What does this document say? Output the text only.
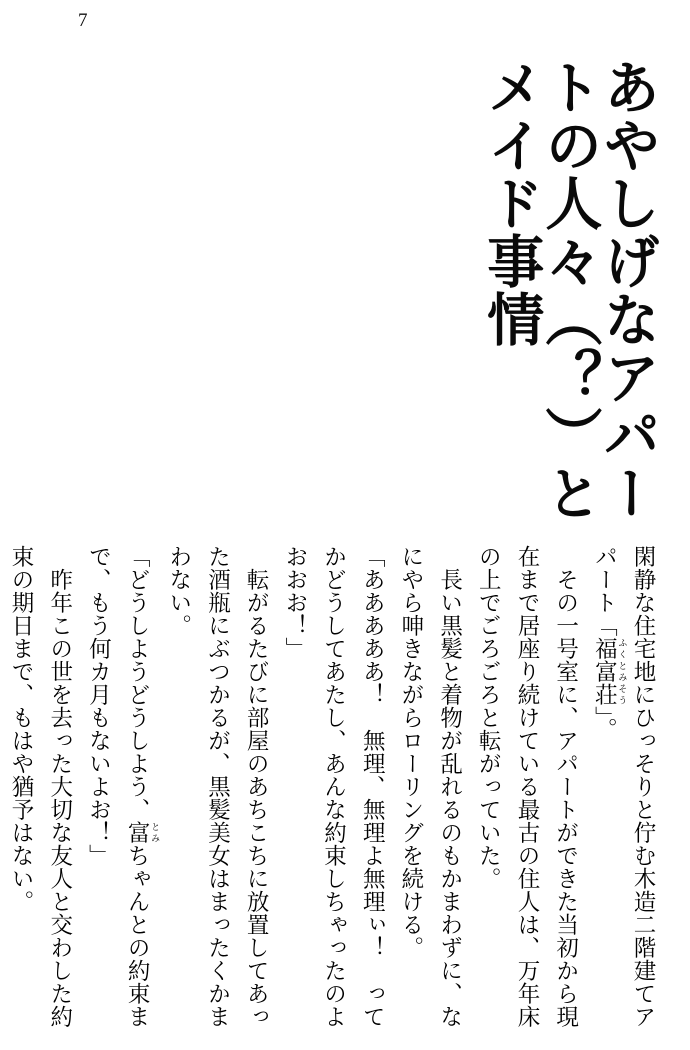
7
あやしげなアパートの人々（？）とメイド事情

閑静な住宅地にひっそりと佇む木造二階建てアパート「福富荘 ふくとみそう」。

その一号室に、アパートができた当初から現在まで居座り続けている最古の住人は、万年床の上でごろごろと転がっていた。

長い黒髪と着物が乱れるのもかまわずに、なにやら呻きながらローリングを続ける。

「あああああ！　無理、無理よ無理ぃ！　ってかどうしてあたし、あんな約束しちゃったのよおおお！」

転がるたびに部屋のあちこちに放置してあった酒瓶にぶつかるが、黒髪美女はまったくかまわない。

「どうしようどうしよう、富 とみちゃんとの約束まで、もう何カ月もないよお！」

昨年この世を去った大切な友人と交わした約束の期日まで、もはや猶予はない。
